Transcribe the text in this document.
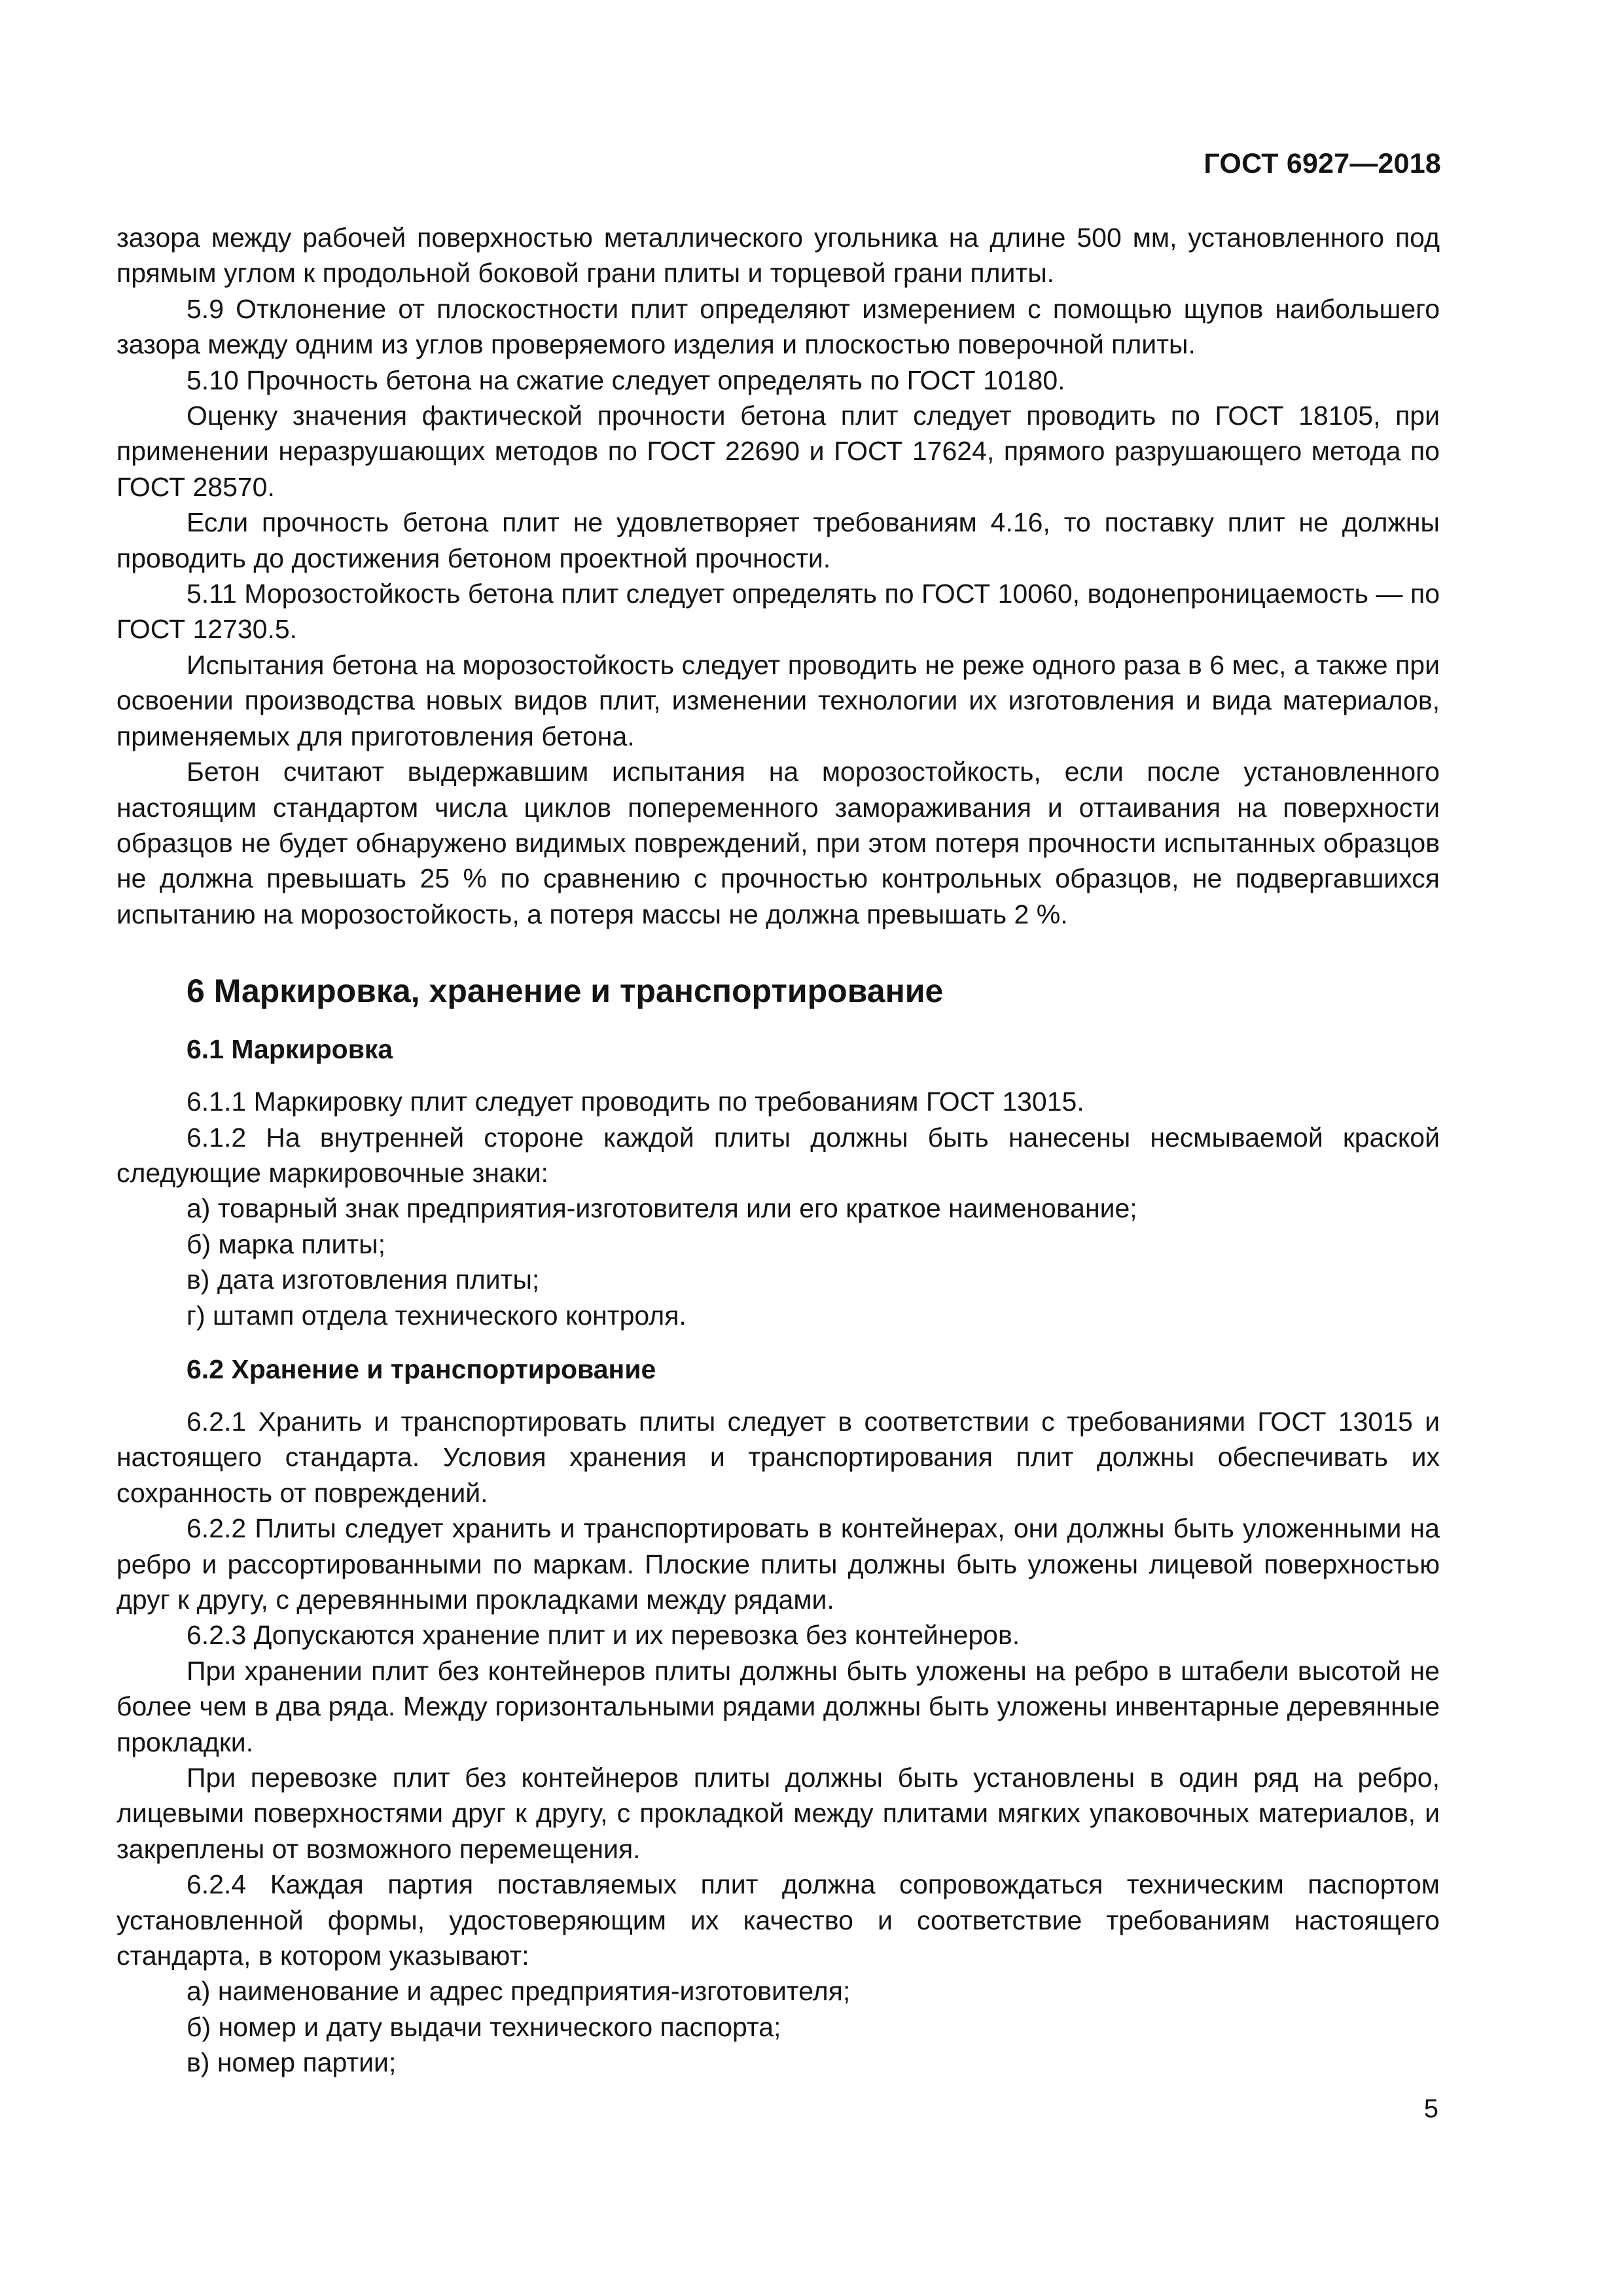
ГОСТ 6927—2018

зазора между рабочей поверхностью металлического угольника на длине 500 мм, установленного под прямым углом к продольной боковой грани плиты и торцевой грани плиты.

5.9 Отклонение от плоскостности плит определяют измерением с помощью щупов наибольшего зазора между одним из углов проверяемого изделия и плоскостью поверочной плиты.

5.10 Прочность бетона на сжатие следует определять по ГОСТ 10180.

Оценку значения фактической прочности бетона плит следует проводить по ГОСТ 18105, при применении неразрушающих методов по ГОСТ 22690 и ГОСТ 17624, прямого разрушающего метода по ГОСТ 28570.

Если прочность бетона плит не удовлетворяет требованиям 4.16, то поставку плит не должны проводить до достижения бетоном проектной прочности.

5.11 Морозостойкость бетона плит следует определять по ГОСТ 10060, водонепроницаемость — по ГОСТ 12730.5.

Испытания бетона на морозостойкость следует проводить не реже одного раза в 6 мес, а также при освоении производства новых видов плит, изменении технологии их изготовления и вида материалов, применяемых для приготовления бетона.

Бетон считают выдержавшим испытания на морозостойкость, если после установленного настоящим стандартом числа циклов попеременного замораживания и оттаивания на поверхности образцов не будет обнаружено видимых повреждений, при этом потеря прочности испытанных образцов не должна превышать 25 % по сравнению с прочностью контрольных образцов, не подвергавшихся испытанию на морозостойкость, а потеря массы не должна превышать 2 %.

6 Маркировка, хранение и транспортирование
6.1 Маркировка

6.1.1 Маркировку плит следует проводить по требованиям ГОСТ 13015.

6.1.2 На внутренней стороне каждой плиты должны быть нанесены несмываемой краской следующие маркировочные знаки:

а) товарный знак предприятия-изготовителя или его краткое наименование;

б) марка плиты;

в) дата изготовления плиты;

г) штамп отдела технического контроля.

6.2 Хранение и транспортирование

6.2.1 Хранить и транспортировать плиты следует в соответствии с требованиями ГОСТ 13015 и настоящего стандарта. Условия хранения и транспортирования плит должны обеспечивать их сохранность от повреждений.

6.2.2 Плиты следует хранить и транспортировать в контейнерах, они должны быть уложенными на ребро и рассортированными по маркам. Плоские плиты должны быть уложены лицевой поверхностью друг к другу, с деревянными прокладками между рядами.

6.2.3 Допускаются хранение плит и их перевозка без контейнеров.

При хранении плит без контейнеров плиты должны быть уложены на ребро в штабели высотой не более чем в два ряда. Между горизонтальными рядами должны быть уложены инвентарные деревянные прокладки.

При перевозке плит без контейнеров плиты должны быть установлены в один ряд на ребро, лицевыми поверхностями друг к другу, с прокладкой между плитами мягких упаковочных материалов, и закреплены от возможного перемещения.

6.2.4 Каждая партия поставляемых плит должна сопровождаться техническим паспортом установленной формы, удостоверяющим их качество и соответствие требованиям настоящего стандарта, в котором указывают:

а) наименование и адрес предприятия-изготовителя;

б) номер и дату выдачи технического паспорта;

в) номер партии;

5
